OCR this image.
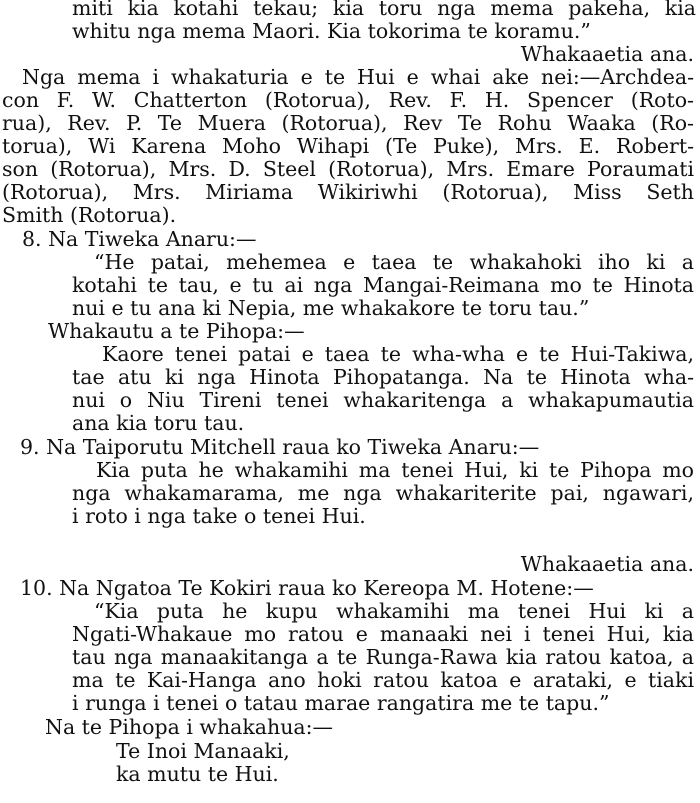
miti kia kotahi tekau; kia toru nga mema pakeha, kia
whitu nga mema Maori. Kia tokorima te koramu.”
Whakaaetia ana.
Nga mema i whakaturia e te Hui e whai ake nei:—Archdea-
con F. W. Chatterton (Rotorua), Rev. F. H. Spencer (Roto-
rua), Rev. P. Te Muera (Rotorua), Rev Te Rohu Waaka (Ro-
torua), Wi Karena Moho Wihapi (Te Puke), Mrs. E. Robert-
son (Rotorua), Mrs. D. Steel (Rotorua), Mrs. Emare Poraumati
(Rotorua), Mrs. Miriama Wikiriwhi (Rotorua), Miss Seth
Smith (Rotorua).
8. Na Tiweka Anaru:—
“He patai, mehemea e taea te whakahoki iho ki a
kotahi te tau, e tu ai nga Mangai-Reimana mo te Hinota
nui e tu ana ki Nepia, me whakakore te toru tau.”
Whakautu a te Pihopa:—
Kaore tenei patai e taea te wha-wha e te Hui-Takiwa,
tae atu ki nga Hinota Pihopatanga. Na te Hinota wha-
nui o Niu Tireni tenei whakaritenga a whakapumautia
ana kia toru tau.
9. Na Taiporutu Mitchell raua ko Tiweka Anaru:—
Kia puta he whakamihi ma tenei Hui, ki te Pihopa mo
nga whakamarama, me nga whakariterite pai, ngawari,
i roto i nga take o tenei Hui.
Whakaaetia ana.
10. Na Ngatoa Te Kokiri raua ko Kereopa M. Hotene:—
“Kia puta he kupu whakamihi ma tenei Hui ki a
Ngati-Whakaue mo ratou e manaaki nei i tenei Hui, kia
tau nga manaakitanga a te Runga-Rawa kia ratou katoa, a
ma te Kai-Hanga ano hoki ratou katoa e arataki, e tiaki
i runga i tenei o tatau marae rangatira me te tapu.”
Na te Pihopa i whakahua:—
Te Inoi Manaaki,
ka mutu te Hui.
